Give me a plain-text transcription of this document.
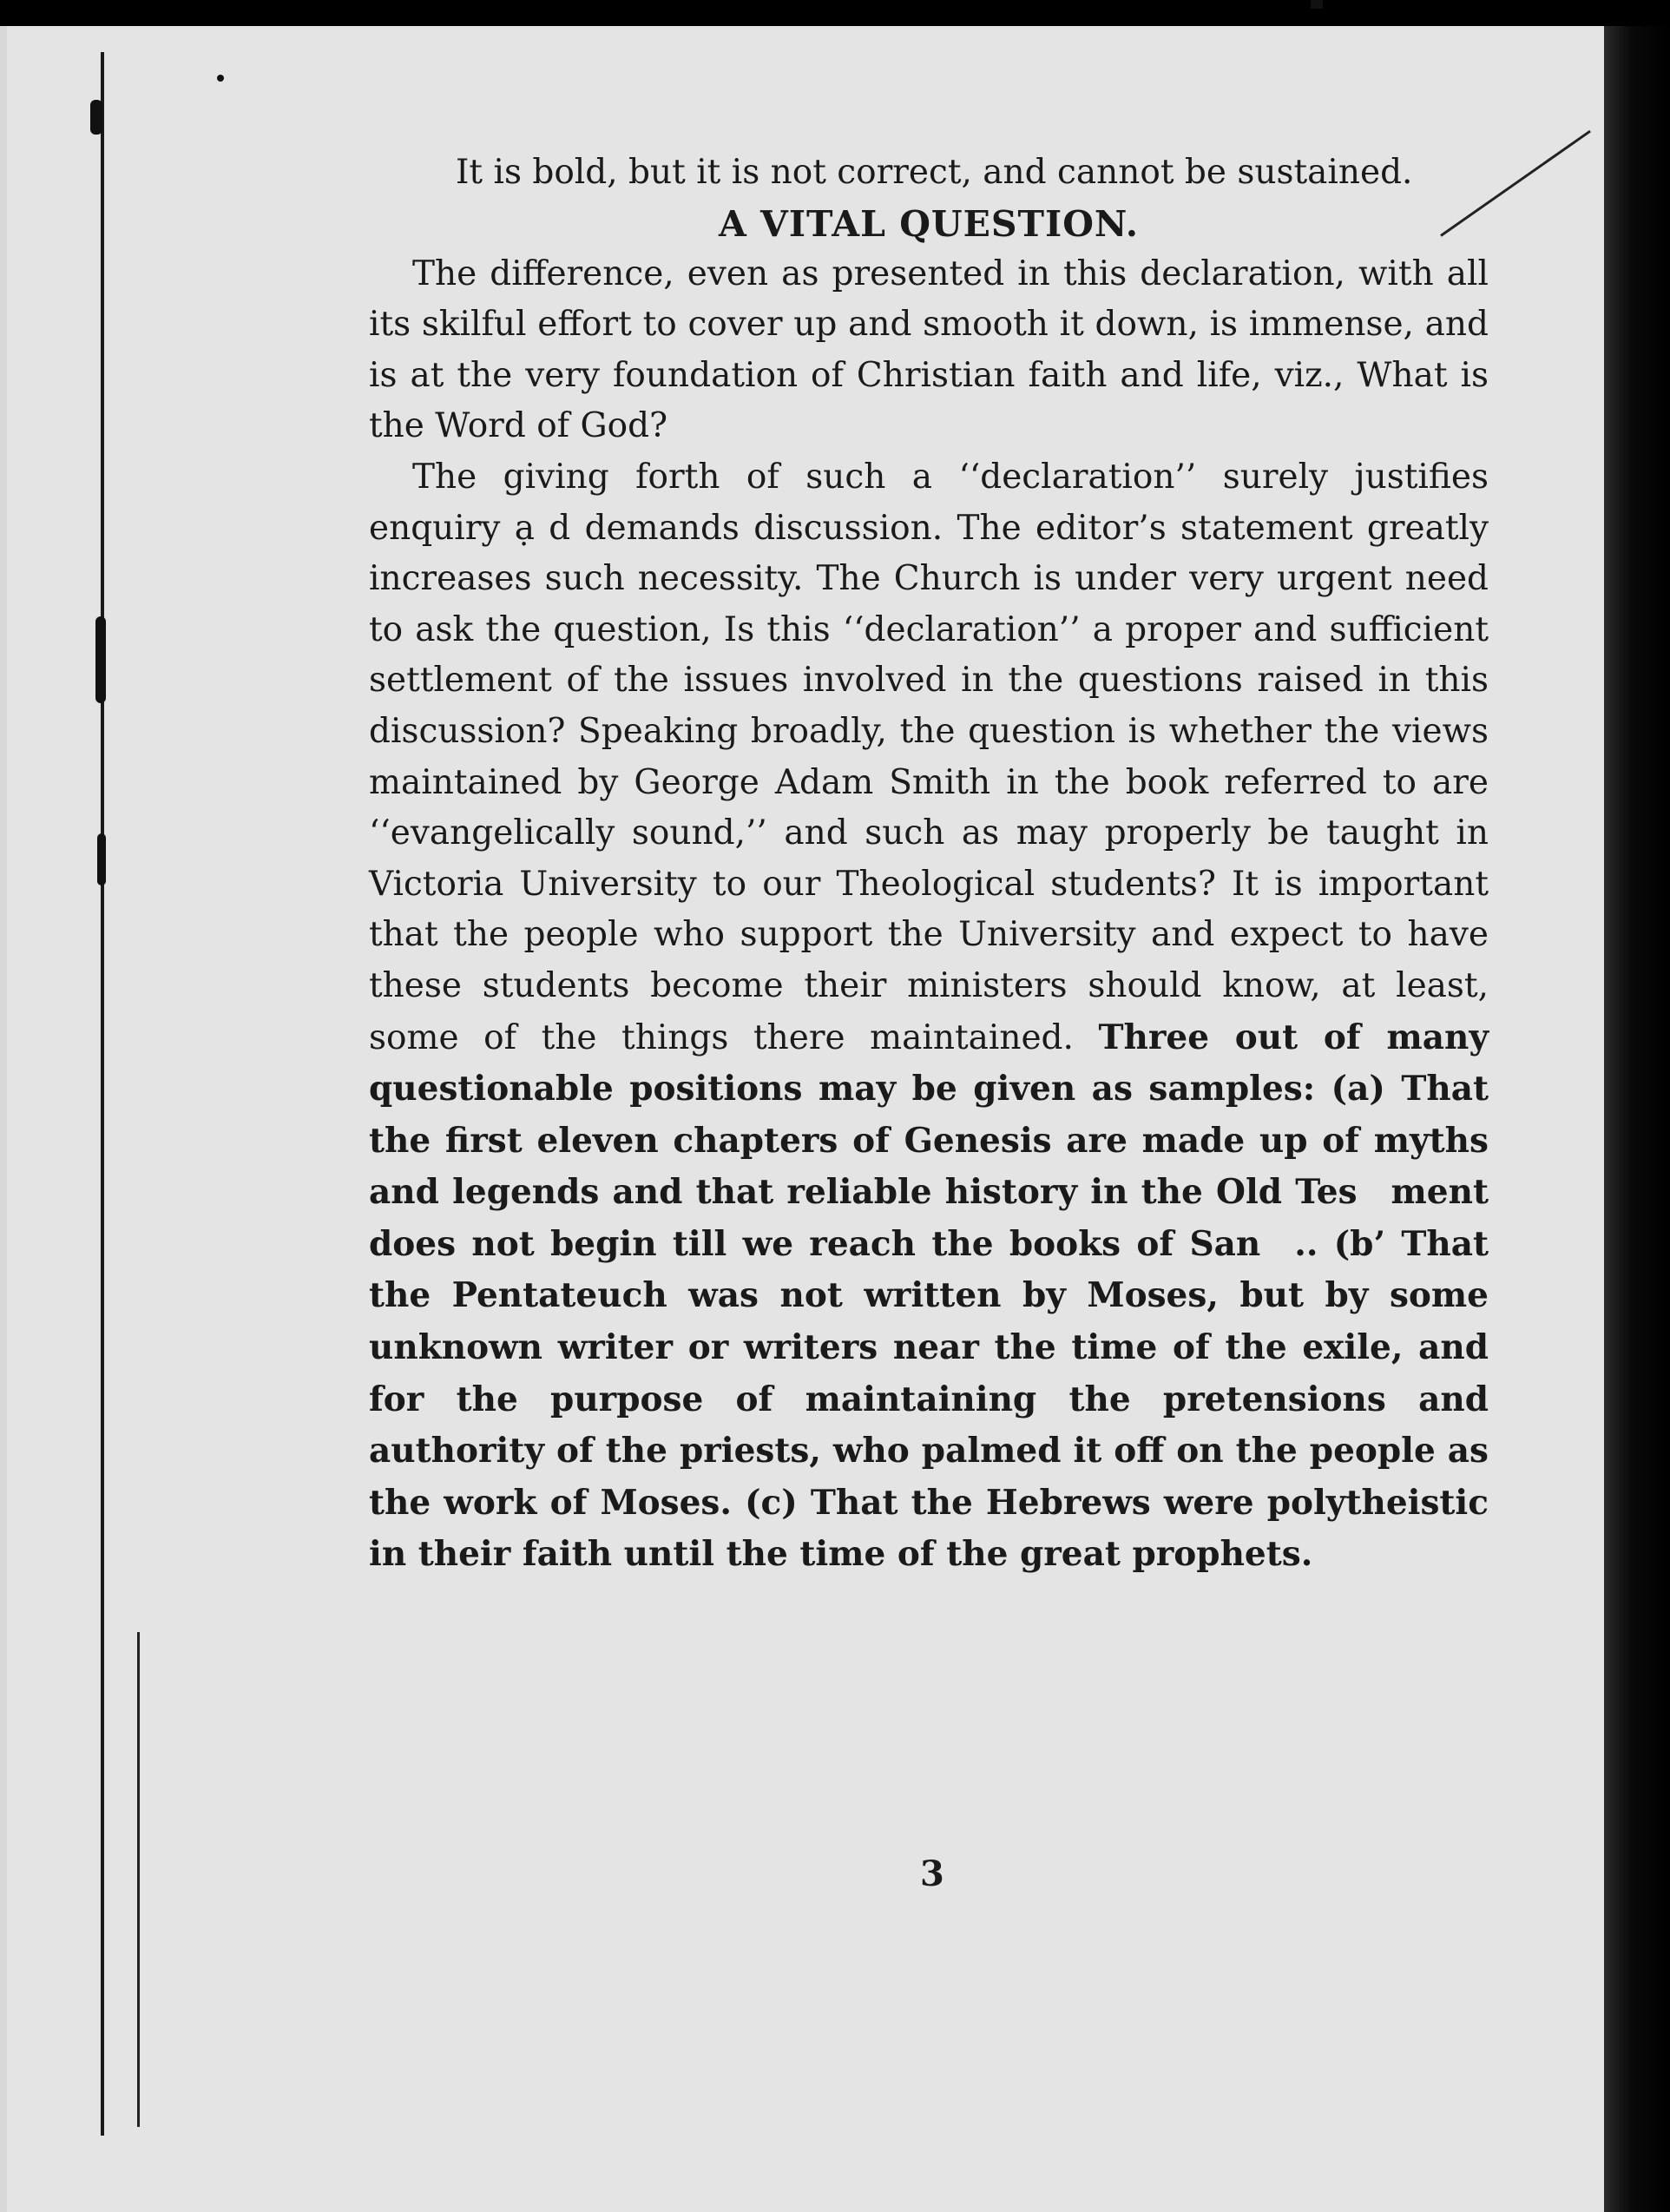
It is bold, but it is not correct, and cannot be sustained.

A VITAL QUESTION.

The difference, even as presented in this declaration, with all its skilful effort to cover up and smooth it down, is immense, and is at the very foundation of Christian faith and life, viz., What is the Word of God?

The giving forth of such a ‘‘declaration’’ surely justifies enquiry ạ d demands discussion. The editor’s statement greatly increases such necessity. The Church is under very urgent need to ask the question, Is this ‘‘declaration’’ a proper and sufficient settlement of the issues involved in the questions raised in this discussion? Speaking broadly, the question is whether the views maintained by George Adam Smith in the book referred to are ‘‘evangelically sound,’’ and such as may properly be taught in Victoria University to our Theological students? It is important that the people who support the University and expect to have these students become their ministers should know, at least, some of the things there maintained. Three out of many questionable positions may be given as samples: (a) That the first eleven chapters of Genesis are made up of myths and legends and that reliable history in the Old Tes ment does not begin till we reach the books of San .. (b’ That the Pentateuch was not written by Moses, but by some unknown writer or writers near the time of the exile, and for the purpose of maintaining the pretensions and authority of the priests, who palmed it off on the people as the work of Moses. (c) That the Hebrews were polytheistic in their faith until the time of the great prophets.

3
